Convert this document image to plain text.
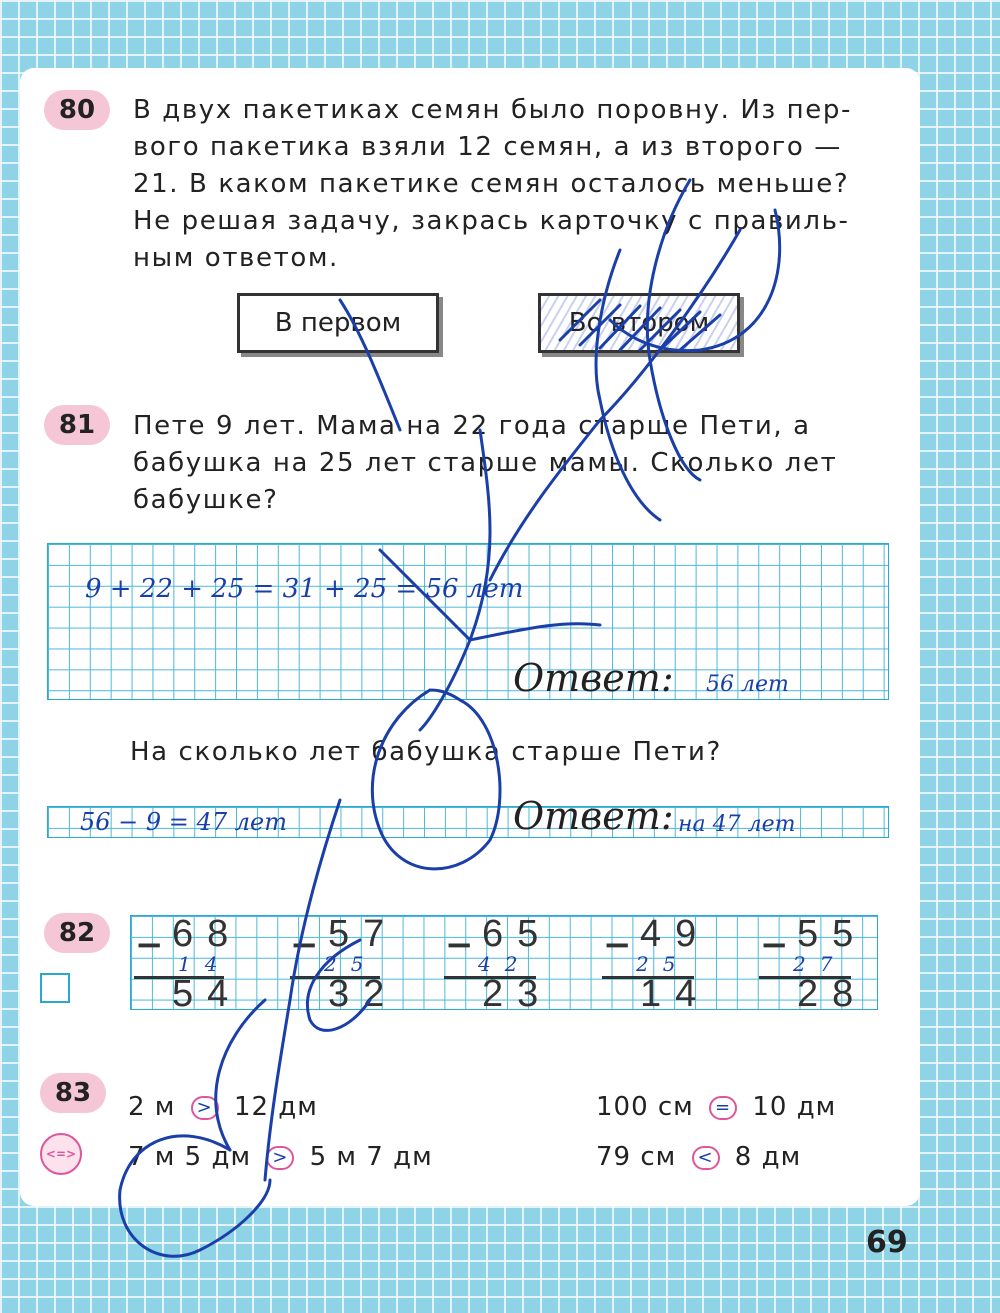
80	В двух пакетиках семян было поровну. Из пер-
вого пакетика взяли 12 семян, а из второго —
21. В каком пакетике семян осталось меньше?
Не решая задачу, закрась карточку с правиль-
ным ответом.
В первом	Во втором
81	Пете 9 лет. Мама на 22 года старше Пети, а
бабушка на 25 лет старше мамы. Сколько лет
бабушке?
9 + 22 + 25 = 31 + 25 = 56 лет
Ответ: 56 лет
На сколько лет бабушка старше Пети?
56 − 9 = 47 лет	Ответ: на 47 лет
82	− 68
14
54
− 57
25
32
− 65
42
23
− 49
25
14
− 55
27
28
83
<=>
2 м > 12 дм	100 см = 10 дм
7 м 5 дм > 5 м 7 дм	79 см < 8 дм
69
